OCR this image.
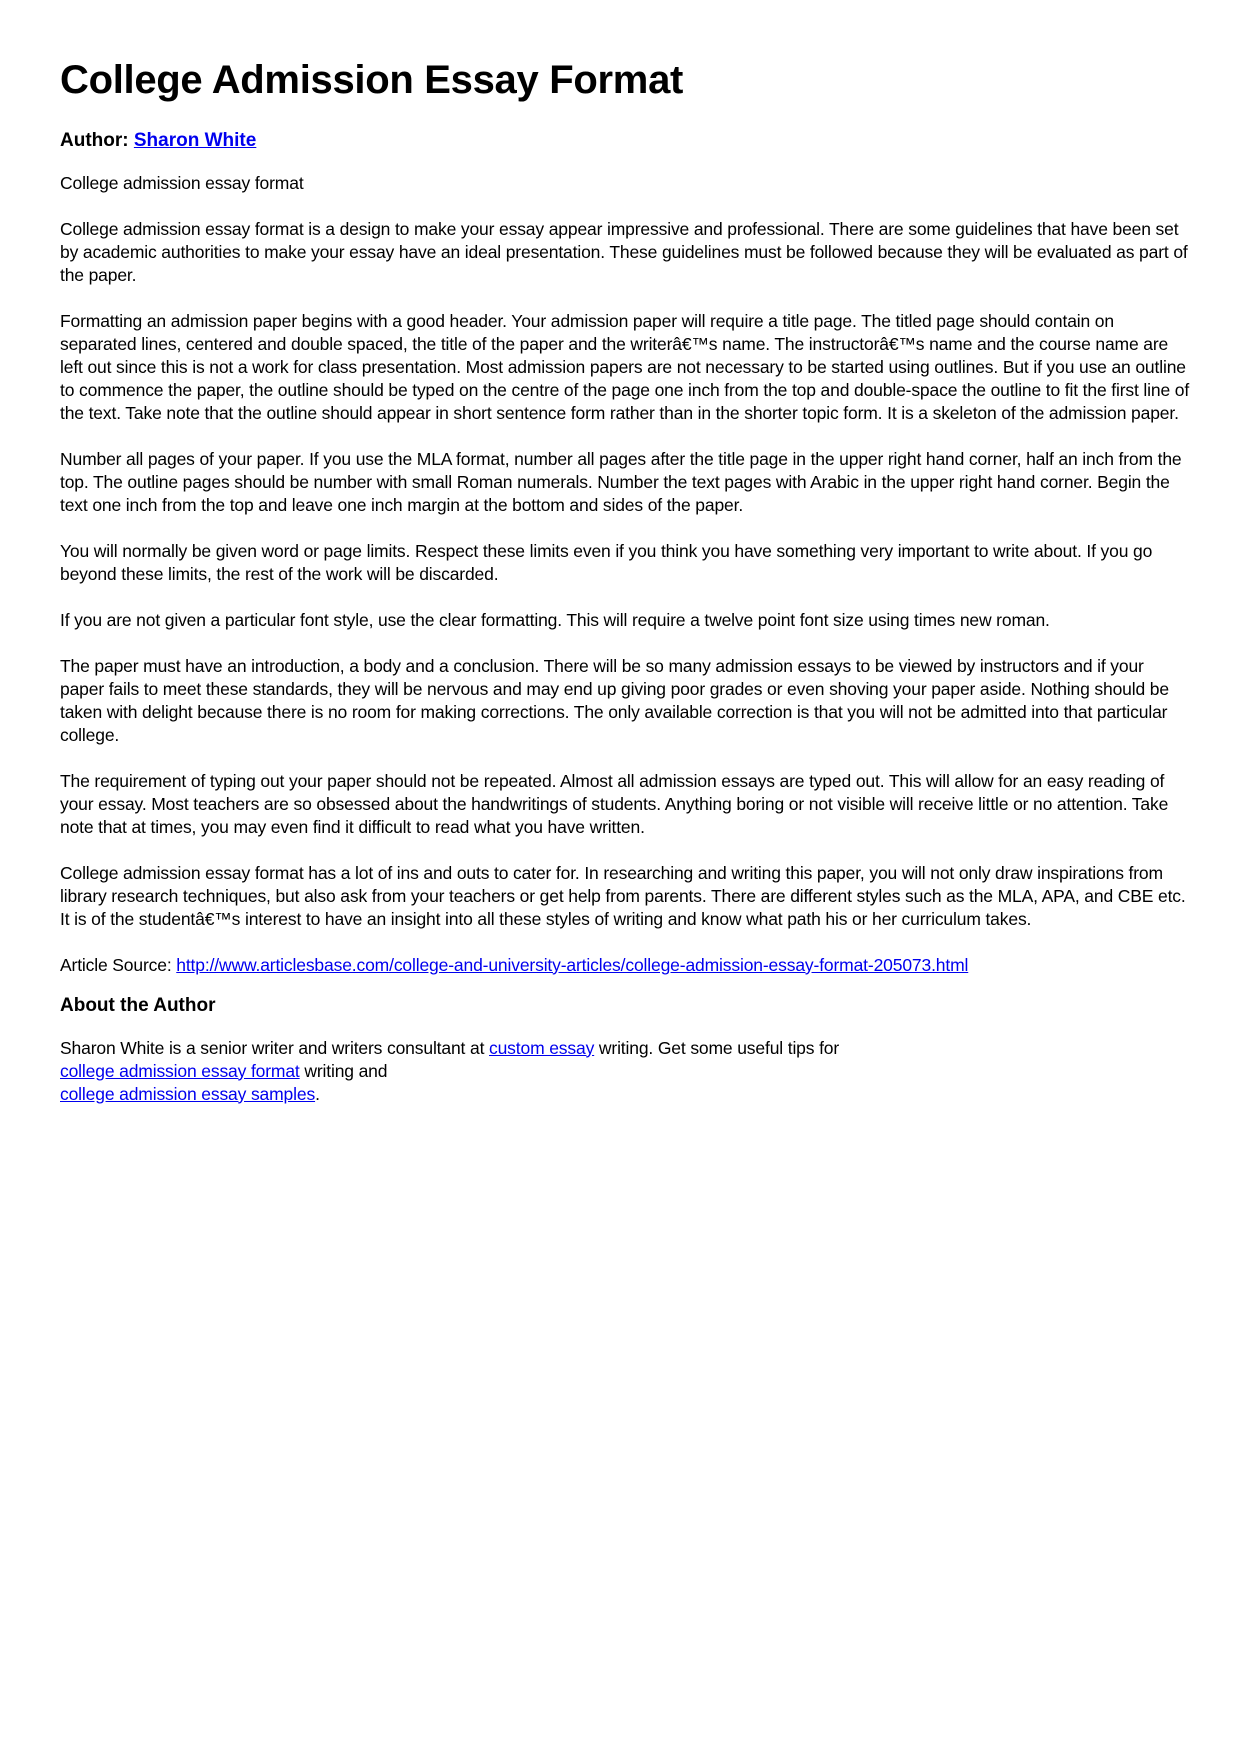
College Admission Essay Format
Author: Sharon White

College admission essay format

College admission essay format is a design to make your essay appear impressive and professional. There are some guidelines that have been set by academic authorities to make your essay have an ideal presentation. These guidelines must be followed because they will be evaluated as part of the paper.

Formatting an admission paper begins with a good header. Your admission paper will require a title page. The titled page should contain on separated lines, centered and double spaced, the title of the paper and the writerâ€™s name. The instructorâ€™s name and the course name are left out since this is not a work for class presentation. Most admission papers are not necessary to be started using outlines. But if you use an outline to commence the paper, the outline should be typed on the centre of the page one inch from the top and double-space the outline to fit the first line of the text. Take note that the outline should appear in short sentence form rather than in the shorter topic form. It is a skeleton of the admission paper.

Number all pages of your paper. If you use the MLA format, number all pages after the title page in the upper right hand corner, half an inch from the top. The outline pages should be number with small Roman numerals. Number the text pages with Arabic in the upper right hand corner. Begin the text one inch from the top and leave one inch margin at the bottom and sides of the paper.

You will normally be given word or page limits. Respect these limits even if you think you have something very important to write about. If you go beyond these limits, the rest of the work will be discarded.

If you are not given a particular font style, use the clear formatting. This will require a twelve point font size using times new roman.

The paper must have an introduction, a body and a conclusion. There will be so many admission essays to be viewed by instructors and if your paper fails to meet these standards, they will be nervous and may end up giving poor grades or even shoving your paper aside. Nothing should be taken with delight because there is no room for making corrections. The only available correction is that you will not be admitted into that particular college.

The requirement of typing out your paper should not be repeated. Almost all admission essays are typed out. This will allow for an easy reading of your essay. Most teachers are so obsessed about the handwritings of students. Anything boring or not visible will receive little or no attention. Take note that at times, you may even find it difficult to read what you have written.

College admission essay format has a lot of ins and outs to cater for. In researching and writing this paper, you will not only draw inspirations from library research techniques, but also ask from your teachers or get help from parents. There are different styles such as the MLA, APA, and CBE etc. It is of the studentâ€™s interest to have an insight into all these styles of writing and know what path his or her curriculum takes.

Article Source: http://www.articlesbase.com/college-and-university-articles/college-admission-essay-format-205073.html

About the Author
Sharon White is a senior writer and writers consultant at custom essay writing. Get some useful tips for
college admission essay format writing and
college admission essay samples.
